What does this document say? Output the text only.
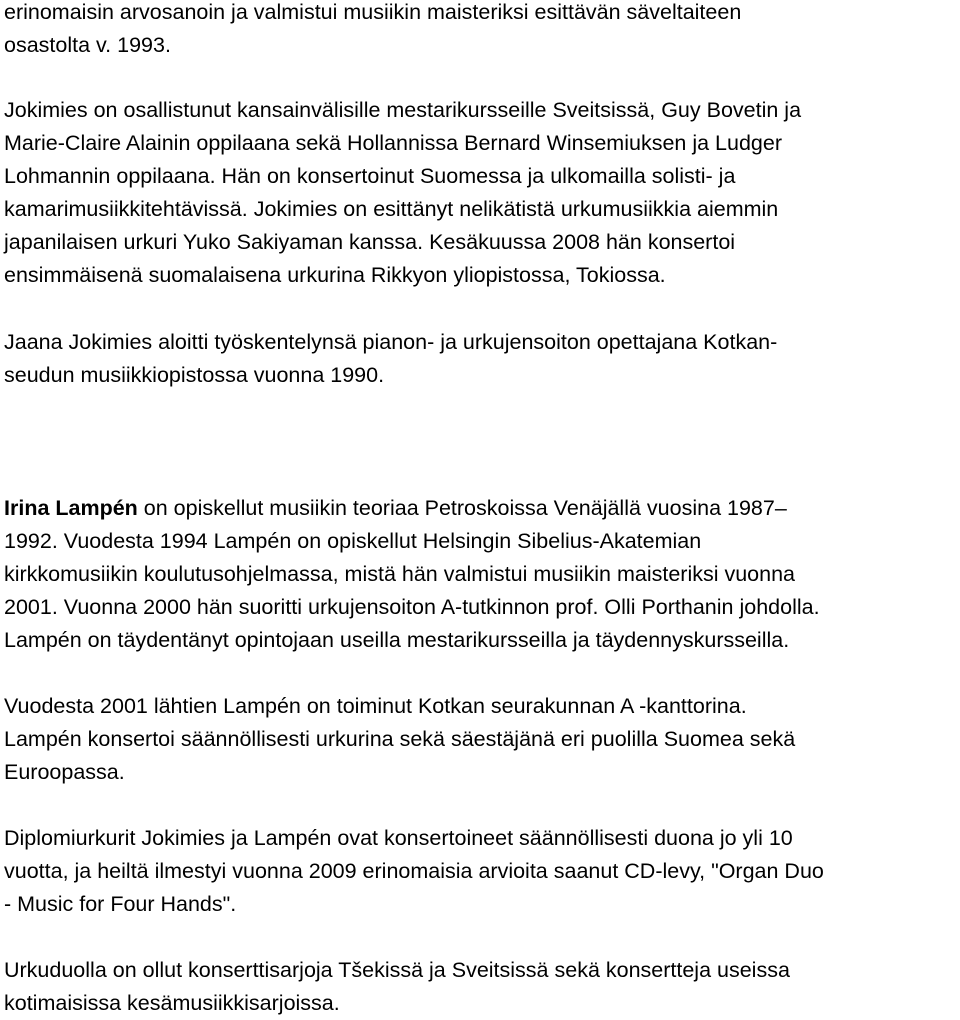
erinomaisin arvosanoin ja valmistui musiikin maisteriksi esittävän säveltaiteen
osastolta v. 1993.
Jokimies on osallistunut kansainvälisille mestarikursseille Sveitsissä, Guy Bovetin ja
Marie-Claire Alainin oppilaana sekä Hollannissa Bernard Winsemiuksen ja Ludger
Lohmannin oppilaana. Hän on konsertoinut Suomessa ja ulkomailla solisti- ja
kamarimusiikkitehtävissä. Jokimies on esittänyt nelikätistä urkumusiikkia aiemmin
japanilaisen urkuri Yuko Sakiyaman kanssa. Kesäkuussa 2008 hän konsertoi
ensimmäisenä suomalaisena urkurina Rikkyon yliopistossa, Tokiossa.
Jaana Jokimies aloitti työskentelynsä pianon- ja urkujensoiton opettajana Kotkan-
seudun musiikkiopistossa vuonna 1990.
Irina Lampén on opiskellut musiikin teoriaa Petroskoissa Venäjällä vuosina 1987–
1992. Vuodesta 1994 Lampén on opiskellut Helsingin Sibelius-Akatemian
kirkkomusiikin koulutusohjelmassa, mistä hän valmistui musiikin maisteriksi vuonna
2001. Vuonna 2000 hän suoritti urkujensoiton A-tutkinnon prof. Olli Porthanin johdolla.
Lampén on täydentänyt opintojaan useilla mestarikursseilla ja täydennyskursseilla.
Vuodesta 2001 lähtien Lampén on toiminut Kotkan seurakunnan A -kanttorina.
Lampén konsertoi säännöllisesti urkurina sekä säestäjänä eri puolilla Suomea sekä
Euroopassa.
Diplomiurkurit Jokimies ja Lampén ovat konsertoineet säännöllisesti duona jo yli 10
vuotta, ja heiltä ilmestyi vuonna 2009 erinomaisia arvioita saanut CD-levy, "Organ Duo
- Music for Four Hands".
Urkuduolla on ollut konserttisarjoja Tšekissä ja Sveitsissä sekä konsertteja useissa
kotimaisissa kesämusiikkisarjoissa.
